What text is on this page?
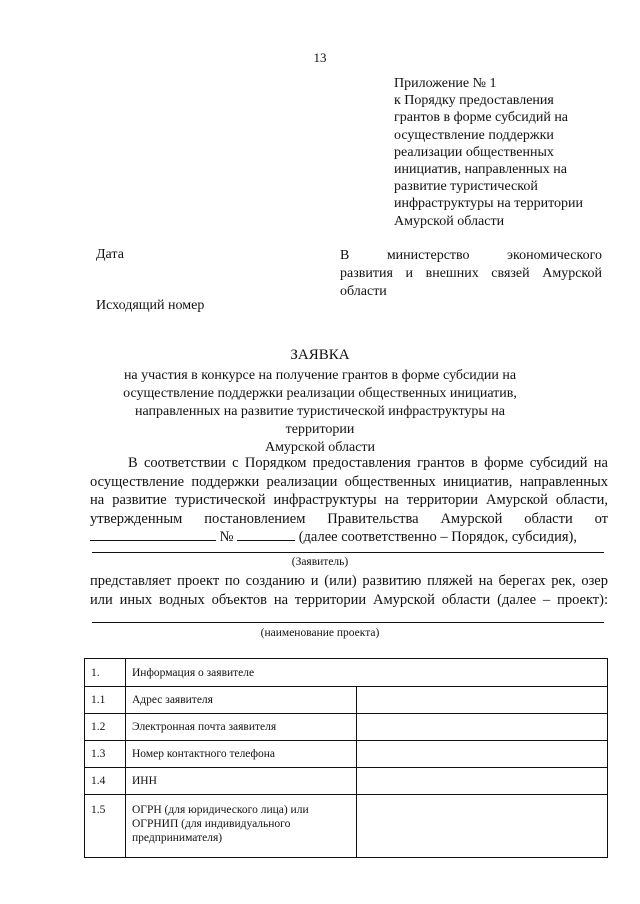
13
Приложение № 1
к Порядку предоставления
грантов в форме субсидий на
осуществление поддержки
реализации общественных
инициатив, направленных на
развитие туристической
инфраструктуры на территории
Амурской области
Дата
Исходящий номер
В министерство экономического
развития и внешних связей Амурской
области
ЗАЯВКА
на участия в конкурсе на получение грантов в форме субсидии на
осуществление поддержки реализации общественных инициатив,
направленных на развитие туристической инфраструктуры на территории
Амурской области
В соответствии с Порядком предоставления грантов в форме субсидий на
осуществление поддержки реализации общественных инициатив, направленных
на развитие туристической инфраструктуры на территории Амурской области,
утвержденным постановлением Правительства Амурской области от
№	(далее соответственно – Порядок, субсидия),
(Заявитель)
представляет проект по созданию и (или) развитию пляжей на берегах рек, озер
или иных водных объектов на территории Амурской области (далее – проект):
(наименование проекта)
1.	Информация о заявителе	
1.1	Адрес заявителя	
1.2	Электронная почта заявителя	
1.3	Номер контактного телефона	
1.4	ИНН	
1.5	ОГРН (для юридического лица) или ОГРНИП (для индивидуального предпринимателя)	
